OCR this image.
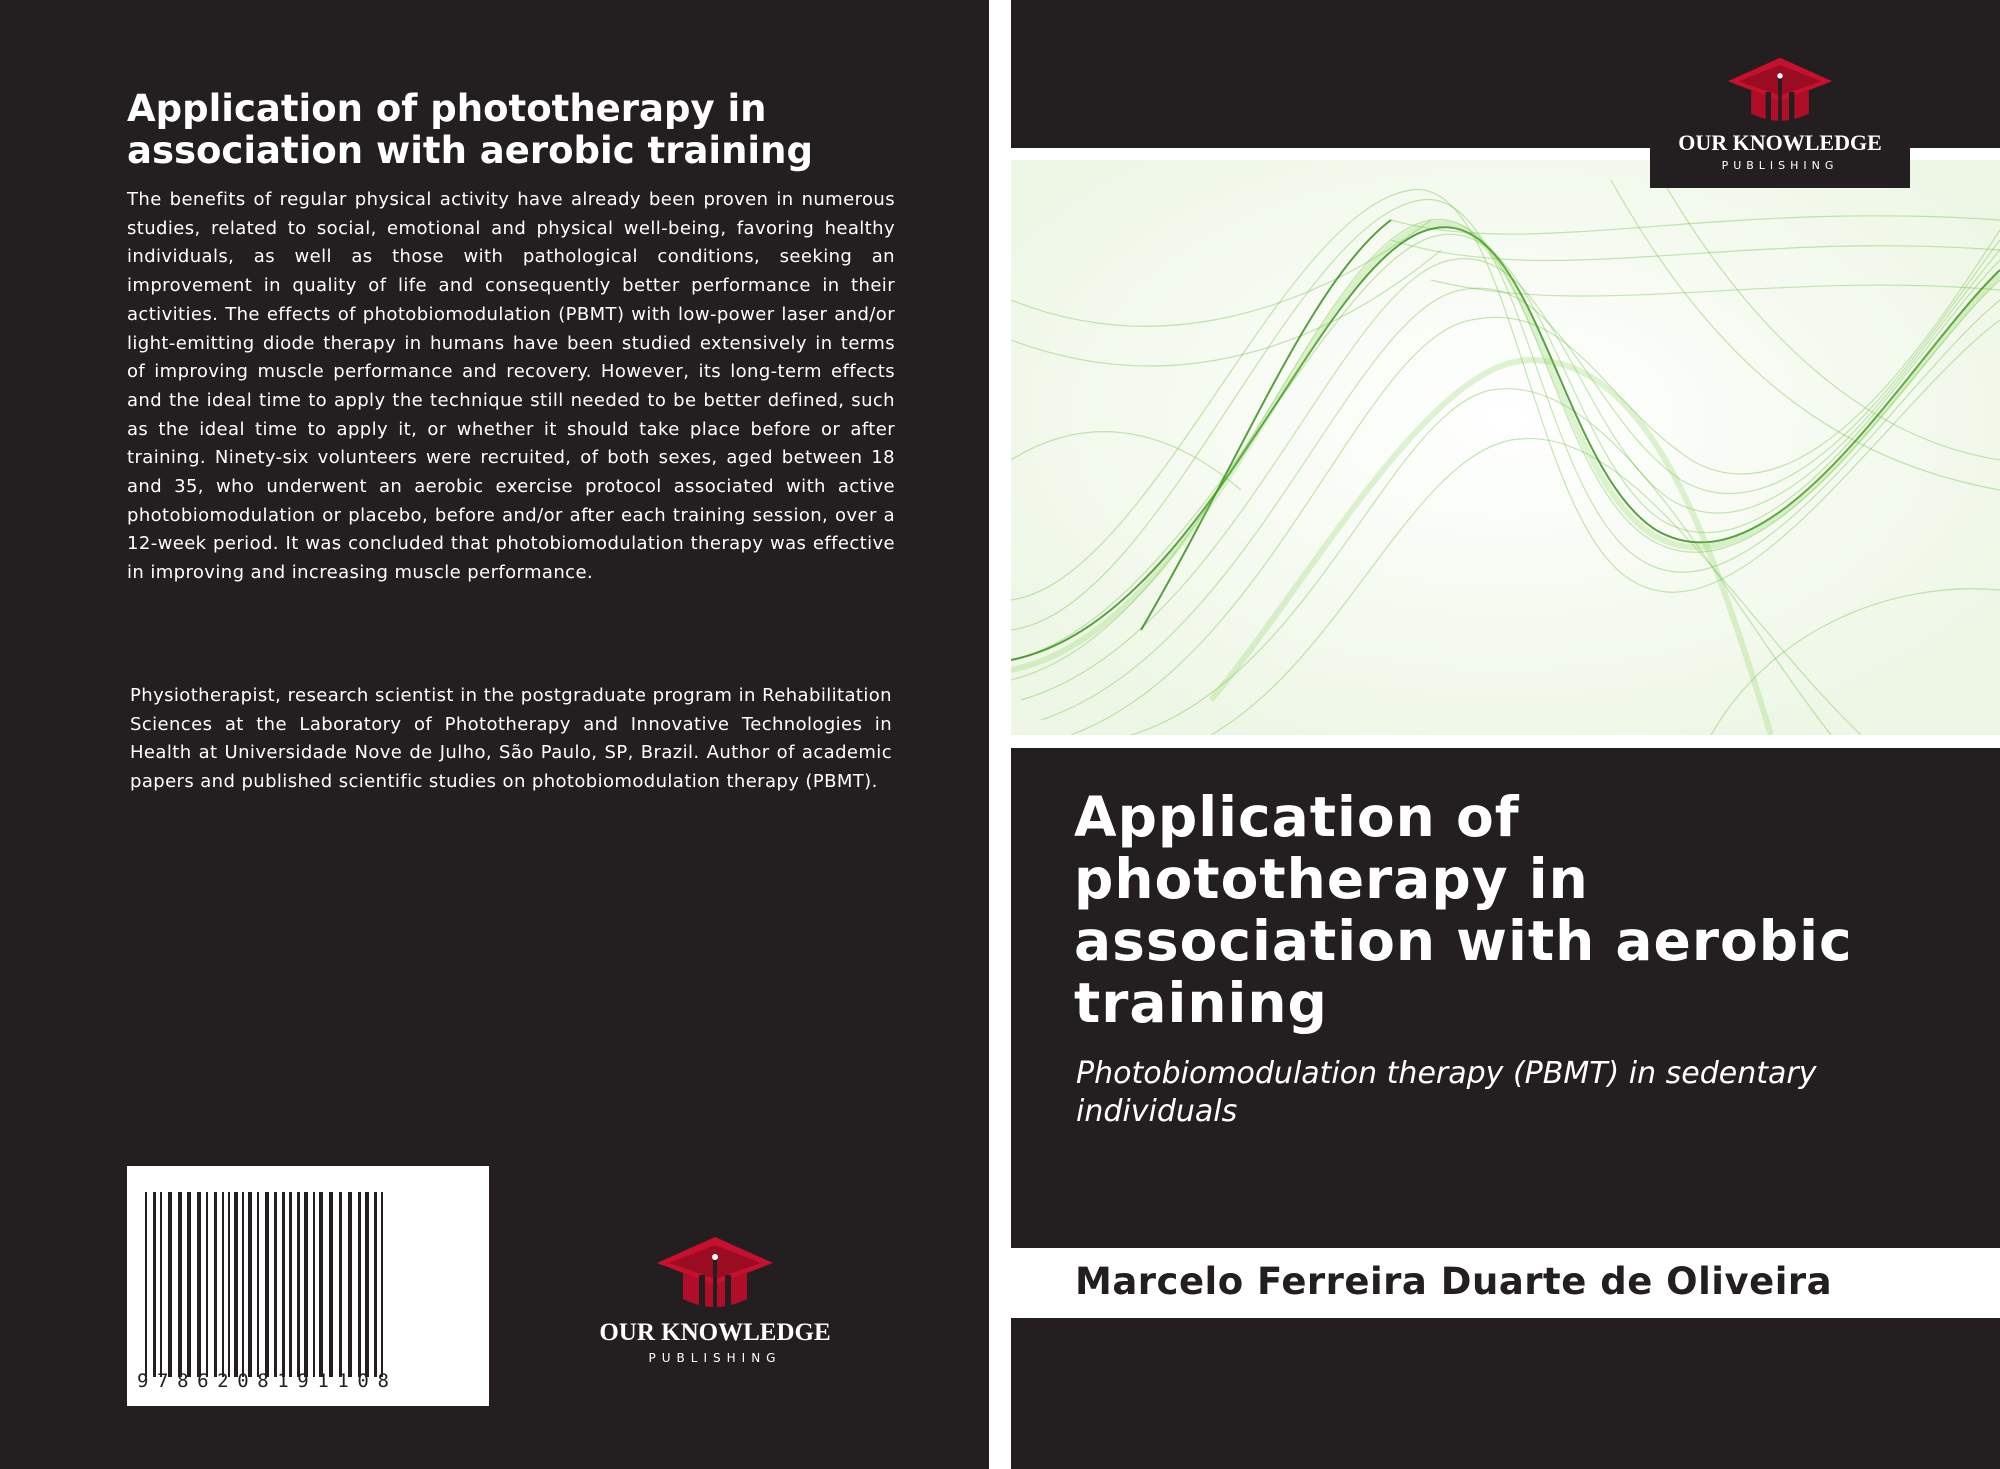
Application of phototherapy in association with aerobic training
The benefits of regular physical activity have already been proven in numerous studies, related to social, emotional and physical well-being, favoring healthy individuals, as well as those with pathological conditions, seeking an improvement in quality of life and consequently better performance in their activities. The effects of photobiomodulation (PBMT) with low-power laser and/or light-emitting diode therapy in humans have been studied extensively in terms of improving muscle performance and recovery. However, its long-term effects and the ideal time to apply the technique still needed to be better defined, such as the ideal time to apply it, or whether it should take place before or after training. Ninety-six volunteers were recruited, of both sexes, aged between 18 and 35, who underwent an aerobic exercise protocol associated with active photobiomodulation or placebo, before and/or after each training session, over a 12-week period. It was concluded that photobiomodulation therapy was effective in improving and increasing muscle performance.
Physiotherapist, research scientist in the postgraduate program in Rehabilitation Sciences at the Laboratory of Phototherapy and Innovative Technologies in Health at Universidade Nove de Julho, São Paulo, SP, Brazil. Author of academic papers and published scientific studies on photobiomodulation therapy (PBMT).
9786208191108
OUR KNOWLEDGE
PUBLISHING
OUR KNOWLEDGE
PUBLISHING
Application of phototherapy in association with aerobic training
Photobiomodulation therapy (PBMT) in sedentary individuals
Marcelo Ferreira Duarte de Oliveira
